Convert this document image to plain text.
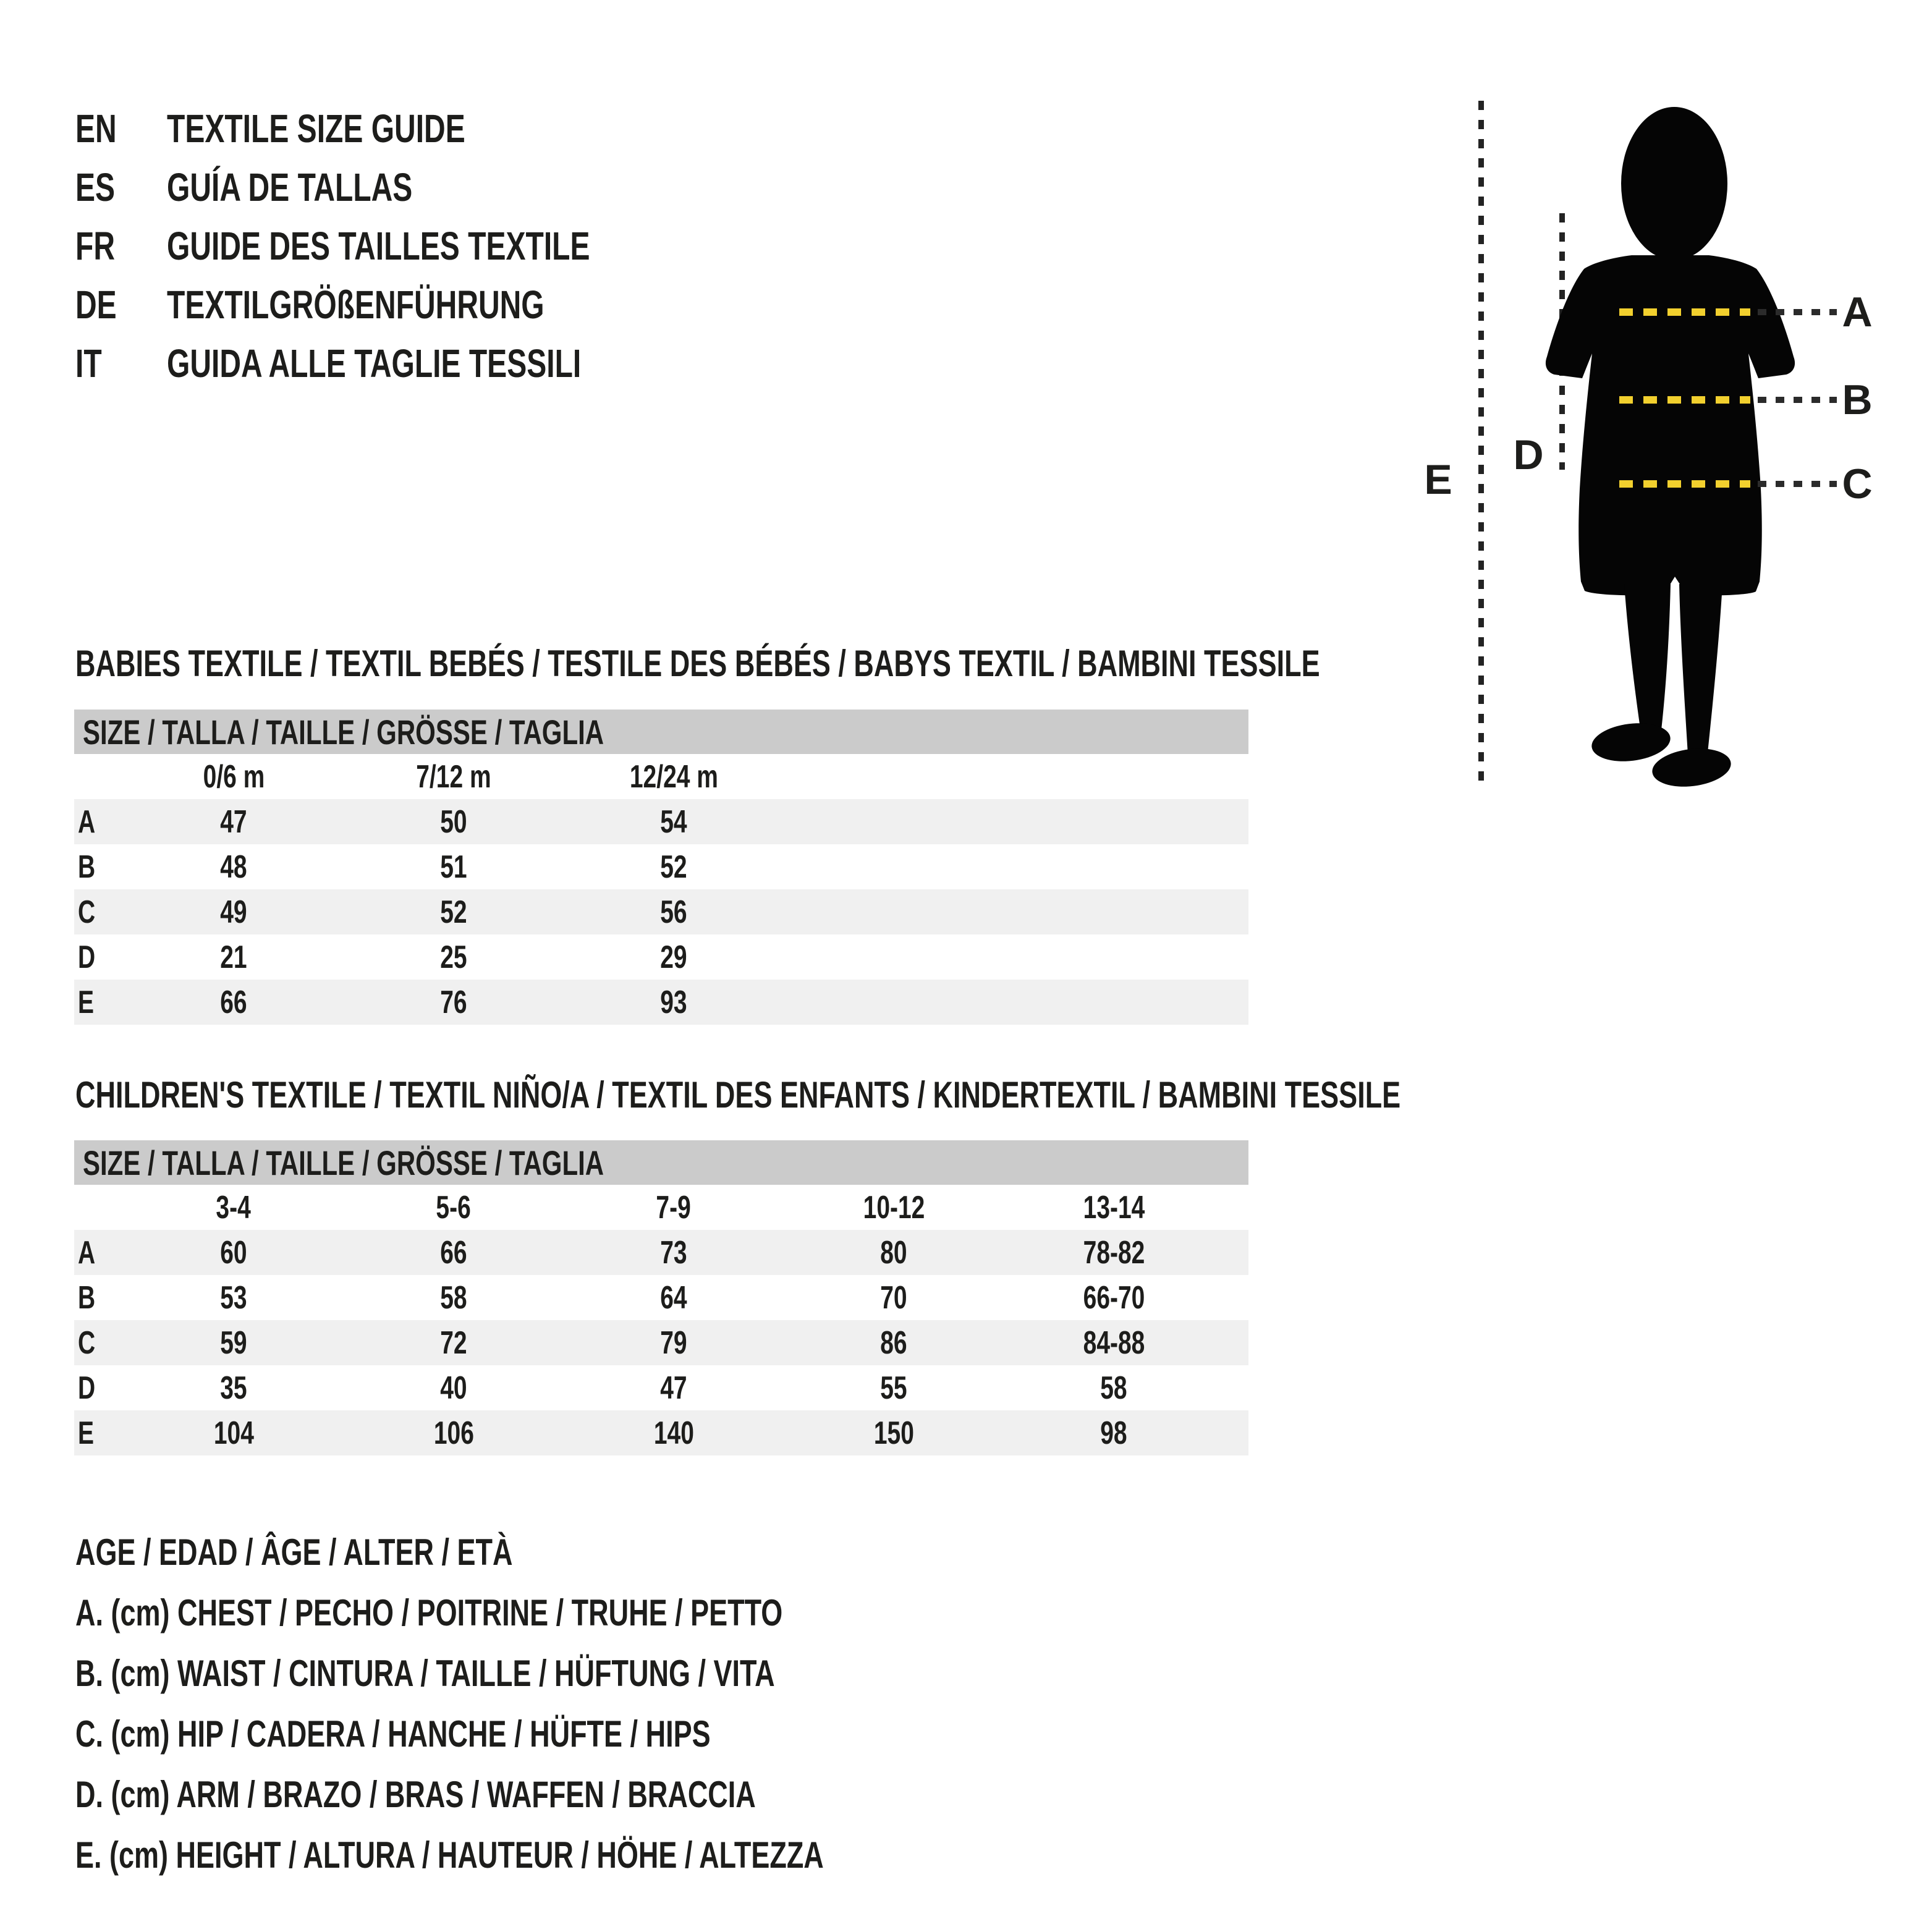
EN	TEXTILE SIZE GUIDE
ES	GUÍA DE TALLAS
FR	GUIDE DES TAILLES TEXTILE
DE	TEXTILGRÖßENFÜHRUNG
IT	GUIDA ALLE TAGLIE TESSILI
E
D
A
B
C
BABIES TEXTILE / TEXTIL BEBÉS / TESTILE DES BÉBÉS / BABYS TEXTIL / BAMBINI TESSILE
SIZE / TALLA / TAILLE / GRÖSSE / TAGLIA
	0/6 m	7/12 m	12/24 m	
A	47	50	54	
B	48	51	52	
C	49	52	56	
D	21	25	29	
E	66	76	93	
CHILDREN'S TEXTILE / TEXTIL NIÑO/A / TEXTIL DES ENFANTS / KINDERTEXTIL / BAMBINI TESSILE
SIZE / TALLA / TAILLE / GRÖSSE / TAGLIA
	3-4	5-6	7-9	10-12	13-14	
A	60	66	73	80	78-82	
B	53	58	64	70	66-70	
C	59	72	79	86	84-88	
D	35	40	47	55	58	
E	104	106	140	150	98	
AGE / EDAD / ÂGE / ALTER / ETÀ
A. (cm) CHEST / PECHO / POITRINE / TRUHE / PETTO
B. (cm) WAIST / CINTURA / TAILLE / HÜFTUNG / VITA
C. (cm) HIP / CADERA / HANCHE / HÜFTE / HIPS
D. (cm) ARM / BRAZO / BRAS / WAFFEN / BRACCIA
E. (cm) HEIGHT / ALTURA / HAUTEUR / HÖHE / ALTEZZA
